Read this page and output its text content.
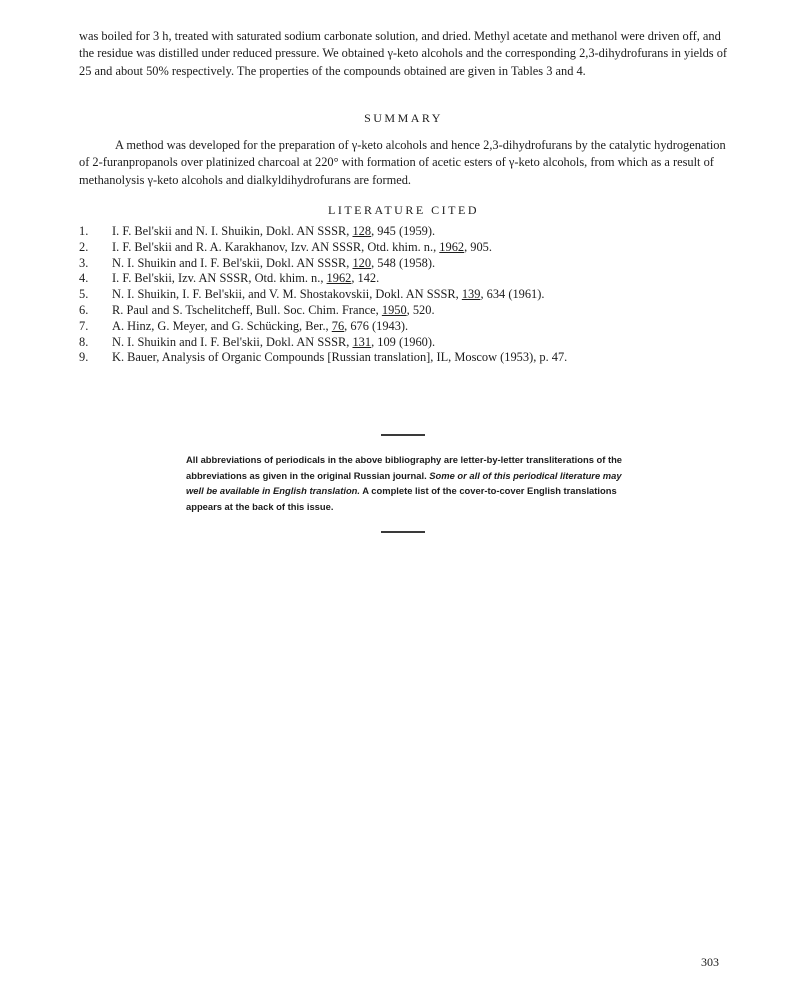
was boiled for 3 h, treated with saturated sodium carbonate solution, and dried. Methyl acetate and methanol were driven off, and the residue was distilled under reduced pressure. We obtained γ-keto alcohols and the corresponding 2,3-dihydrofurans in yields of 25 and about 50% respectively. The properties of the compounds obtained are given in Tables 3 and 4.

SUMMARY

A method was developed for the preparation of γ-keto alcohols and hence 2,3-dihydrofurans by the catalytic hydrogenation of 2-furanpropanols over platinized charcoal at 220° with formation of acetic esters of γ-keto alcohols, from which as a result of methanolysis γ-keto alcohols and dialkyldihydrofurans are formed.

LITERATURE CITED
1.	I. F. Bel'skii and N. I. Shuikin, Dokl. AN SSSR, 128, 945 (1959).
2.	I. F. Bel'skii and R. A. Karakhanov, Izv. AN SSSR, Otd. khim. n., 1962, 905.
3.	N. I. Shuikin and I. F. Bel'skii, Dokl. AN SSSR, 120, 548 (1958).
4.	I. F. Bel'skii, Izv. AN SSSR, Otd. khim. n., 1962, 142.
5.	N. I. Shuikin, I. F. Bel'skii, and V. M. Shostakovskii, Dokl. AN SSSR, 139, 634 (1961).
6.	R. Paul and S. Tschelitcheff, Bull. Soc. Chim. France, 1950, 520.
7.	A. Hinz, G. Meyer, and G. Schücking, Ber., 76, 676 (1943).
8.	N. I. Shuikin and I. F. Bel'skii, Dokl. AN SSSR, 131, 109 (1960).
9.	K. Bauer, Analysis of Organic Compounds [Russian translation], IL, Moscow (1953), p. 47.

All abbreviations of periodicals in the above bibliography are letter-by-letter transliterations of the abbreviations as given in the original Russian journal. Some or all of this periodical literature may well be available in English translation. A complete list of the cover-to-cover English translations appears at the back of this issue.

303
